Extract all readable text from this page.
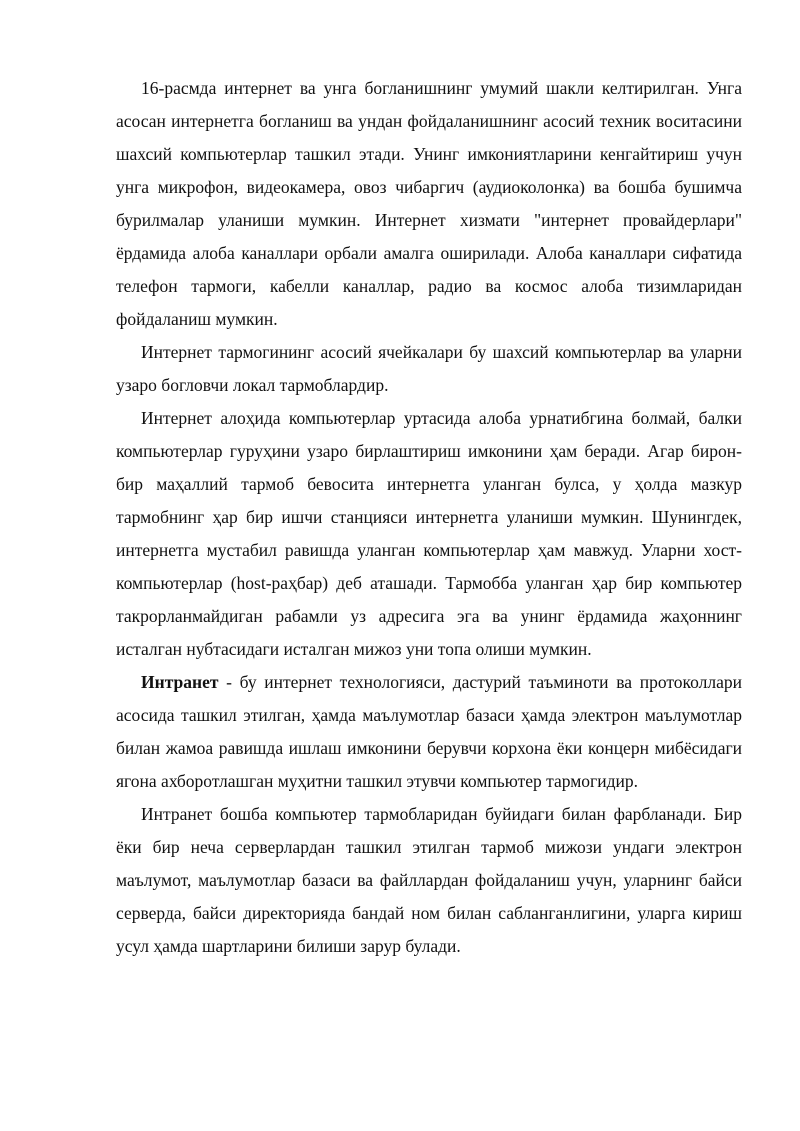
16-расмда интернет ва унга богланишнинг умумий шакли келтирилган. Унга асосан интернетга богланиш ва ундан фойдаланишнинг асосий техник воситасини шахсий компьютерлар ташкил этади. Унинг имкониятларини кенгайтириш учун унга микрофон, видеокамера, овоз чибаргич (аудиоколонка) ва бошба бушимча бурилмалар уланиши мумкин. Интернет хизмати "интернет провайдерлари" ёрдамида алоба каналлари орбали амалга оширилади. Алоба каналлари сифатида телефон тармоги, кабелли каналлар, радио ва космос алоба тизимларидан фойдаланиш мумкин.

Интернет тармогининг асосий ячейкалари бу шахсий компьютерлар ва уларни узаро богловчи локал тармоблардир.

Интернет алоҳида компьютерлар уртасида алоба урнатибгина болмай, балки компьютерлар гуруҳини узаро бирлаштириш имконини ҳам беради. Агар бирон-бир маҳаллий тармоб бевосита интернетга уланган булса, у ҳолда мазкур тармобнинг ҳар бир ишчи станцияси интернетга уланиши мумкин. Шунингдек, интернетга мустабил равишда уланган компьютерлар ҳам мавжуд. Уларни хост-компьютерлар (host-раҳбар) деб аташади. Тармобба уланган ҳар бир компьютер такрорланмайдиган рабамли уз адресига эга ва унинг ёрдамида жаҳоннинг исталган нубтасидаги исталган мижоз уни топа олиши мумкин.

Интранет - бу интернет технологияси, дастурий таъминоти ва протоколлари асосида ташкил этилган, ҳамда маълумотлар базаси ҳамда электрон маълумотлар билан жамоа равишда ишлаш имконини берувчи корхона ёки концерн мибёсидаги ягона ахборотлашган муҳитни ташкил этувчи компьютер тармогидир.

Интранет бошба компьютер тармобларидан буйидаги билан фарбланади. Бир ёки бир неча серверлардан ташкил этилган тармоб мижози ундаги электрон маълумот, маълумотлар базаси ва файллардан фойдаланиш учун, уларнинг байси серверда, байси директорияда бандай ном билан сабланганлигини, уларга кириш усул ҳамда шартларини билиши зарур булади.
